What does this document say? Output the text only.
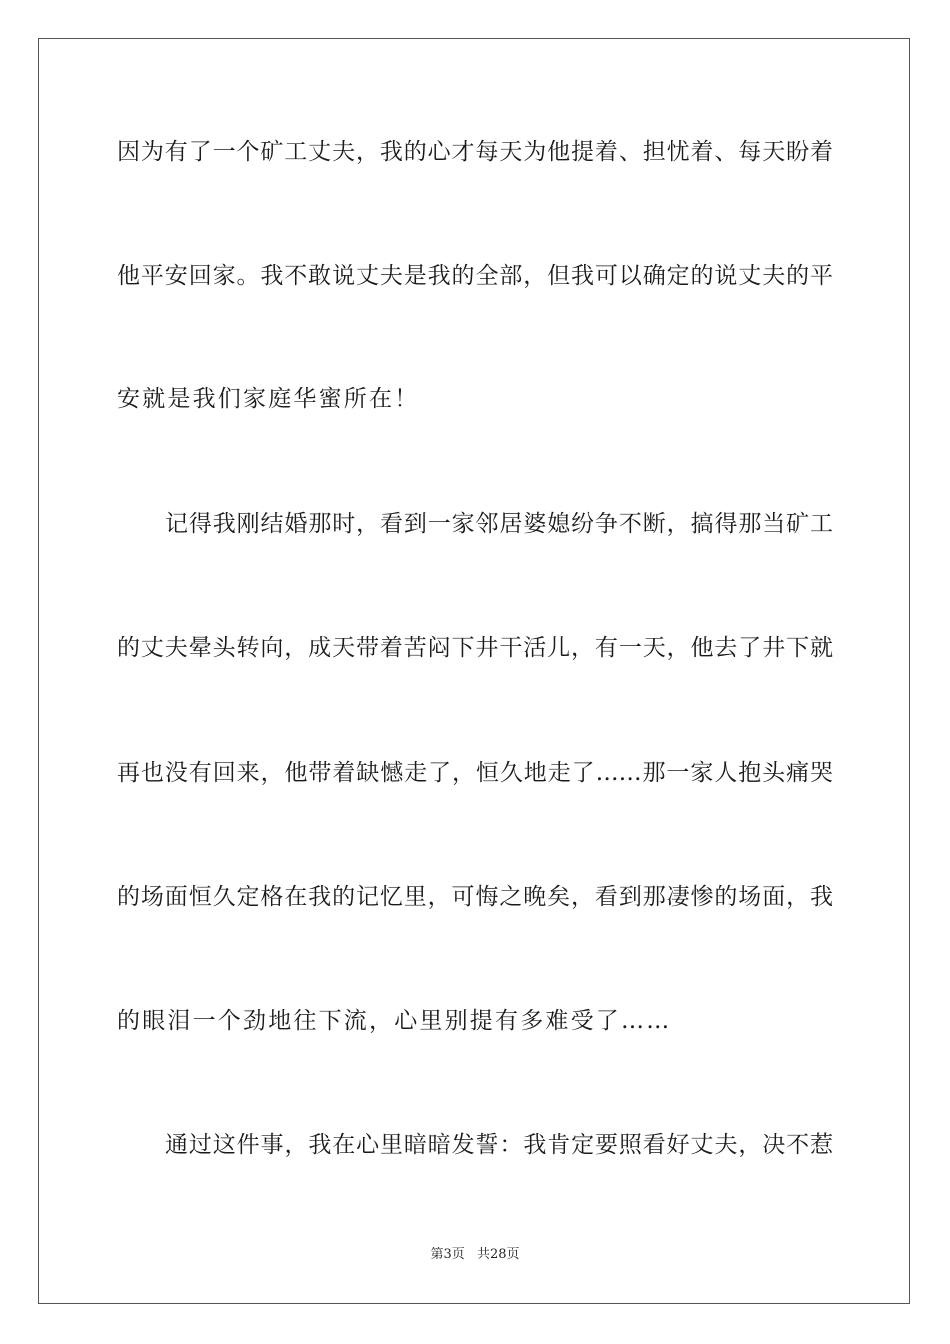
因为有了一个矿工丈夫，我的心才每天为他提着、担忧着、每天盼着
他平安回家。我不敢说丈夫是我的全部，但我可以确定的说丈夫的平
安就是我们家庭华蜜所在！
记得我刚结婚那时，看到一家邻居婆媳纷争不断，搞得那当矿工
的丈夫晕头转向，成天带着苦闷下井干活儿，有一天，他去了井下就
再也没有回来，他带着缺憾走了，恒久地走了……那一家人抱头痛哭
的场面恒久定格在我的记忆里，可悔之晚矣，看到那凄惨的场面，我
的眼泪一个劲地往下流，心里别提有多难受了……
通过这件事，我在心里暗暗发誓：我肯定要照看好丈夫，决不惹
第3页 共28页
